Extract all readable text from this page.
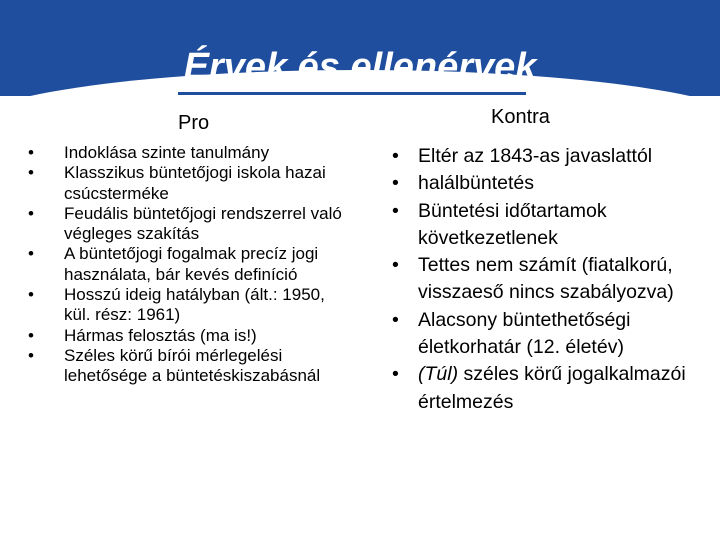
Érvek és ellenérvek
Pro	Kontra
• Indoklása szinte tanulmány
• Klasszikus büntetőjogi iskola hazai csúcsterméke
• Feudális büntetőjogi rendszerrel való végleges szakítás
• A büntetőjogi fogalmak precíz jogi használata, bár kevés definíció
• Hosszú ideig hatályban (ált.: 1950, kül. rész: 1961)
• Hármas felosztás (ma is!)
• Széles körű bírói mérlegelési lehetősége a büntetéskiszabásnál
• Eltér az 1843-as javaslattól
• halálbüntetés
• Büntetési időtartamok következetlenek
• Tettes nem számít (fiatalkorú, visszaeső nincs szabályozva)
• Alacsony büntethetőségi életkorhatár (12. életév)
• (Túl) széles körű jogalkalmazói értelmezés
